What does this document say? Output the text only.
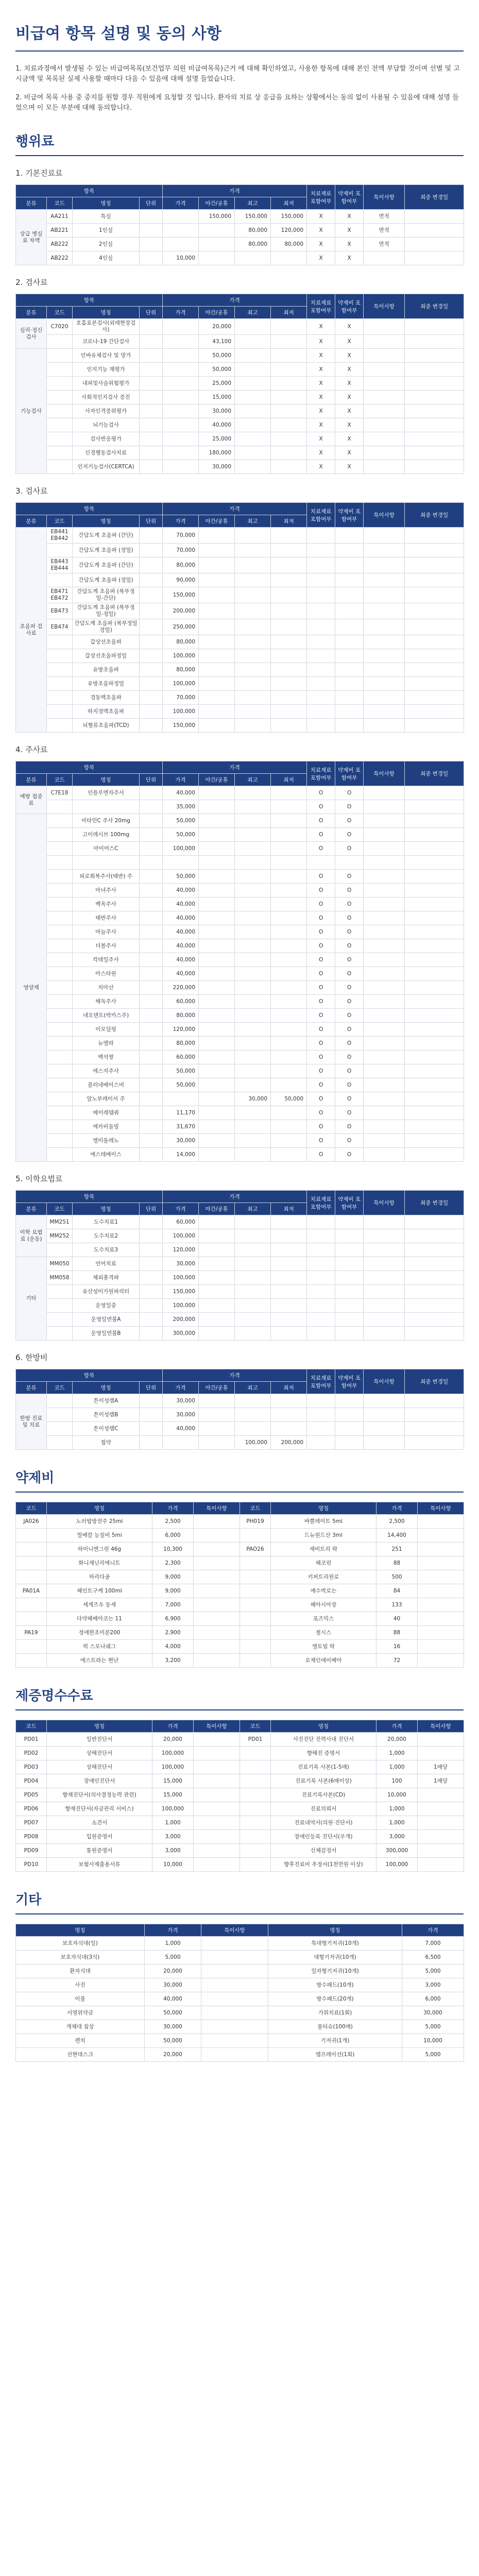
비급여 항목 설명 및 동의 사항

1. 치료과정에서 발생될 수 있는 비급여목록(보건업무 의원 비급여목록)근거 에 대해 확인하였고, 사용한 항목에 대해 본인 전액 부담할 것이며 선별 및 고시금액 및 목록된 실제 사용할 때마다 다음 수 있음에 대해 설명 들었습니다.

2. 비급여 목록 사용 중 중지를 원할 경우 직원에게 요청할 것 입니다. 환자의 치료 상 응급을 요하는 상황에서는 동의 없이 사용될 수 있음에 대해 설명 들었으며 이 모든 부분에 대해 동의합니다.

행위료
1. 기본진료료
항목				가격				치료재료 포함여부	약제비 포함여부	특이사항	최종 변경일
분류	코드	명칭	단위	가격	야간/공휴	최고	최저				
상급 병실료 차액	AA211	특실			150,000	150,000	150,000	X	X	면적	
	AB221	1인실				80,000	120,000	X	X	면적	
	AB222	2인실				80,000	80,000	X	X	면적	
	AB222	4인실		10,000				X	X		
2. 검사료
항목				가격				치료재료 포함여부	약제비 포함여부	특이사항	최종 변경일
분류	코드	명칭	단위	가격	야간/공휴	최고	최저				
심리·정신 검사	C7020	호흡표본검사(외래현장검사)			20,000			X	X		
		코로나-19 간단검사			43,100			X	X		
기능검사		인바유체검사 및 망가			50,000			X	X		
		인지기능 재평가			50,000			X	X		
		내피및사슬위험평가			25,000			X	X		
		사회적인지검사 증진			15,000			X	X		
		사자인격증위평가			30,000			X	X		
		뇌기능검사			40,000			X	X		
		검사반응평가			25,000			X	X		
		신경행동검사치료			180,000			X	X		
		인지기능검사(CERTCA)			30,000			X	X		
3. 검사료
항목				가격				치료재료 포함여부	약제비 포함여부	특이사항	최종 변경일
분류	코드	명칭	단위	가격	야간/공휴	최고	최저				
초음파 검사료	EB441 EB442	간담도계 초음파 (간단)		70,000							
		간담도계 초음파 (정밀)		70,000							
	EB443 EB444	간담도계 초음파 (간단)		80,000							
		간담도계 초음파 (정밀)		90,000							
	EB471 EB472	간담도계 초음파 (복부정밀-간단)		150,000							
	EB473	간담도계 초음파 (복부정밀-정밀)		200,000							
	EB474	간담도계 초음파 (복부정밀정밀)		250,000							
		갑상선초음파		80,000							
		갑상선초음파정밀		100,000							
		유방초음파		80,000							
		유방초음파정밀		100,000							
		경동맥초음파		70,000							
		하지정맥초음파		100,000							
		뇌혈류초음파(TCD)		150,000							
4. 주사료
항목				가격				치료재료 포함여부	약제비 포함여부	특이사항	최종 변경일
분류	코드	명칭	단위	가격	야간/공휴	최고	최저				
예방 접종료	C7E18	인플루엔자주사		40,000				O	O		
				35,000				O	O		
영양제		비타민C 주사 20mg		50,000				O	O		
		고이레시브 100mg		50,000				O	O		
		마이어스C		100,000				O	O		

		피로회복주사(태반) 주		50,000				O	O		
		마녀주사		40,000				O	O		
		백옥주사		40,000				O	O		
		태반주사		40,000				O	O		
		마늘주사		40,000				O	O		
		더블주사		40,000				O	O		
		칵테일주사		40,000				O	O		
		아스타원		40,000				O	O		
		치아산		220,000				O	O		
		해독주사		60,000				O	O		
		네오덴트(박카스주)		80,000				O	O		
		이모딜링		120,000				O	O		
		뉴엘라		80,000				O	O		
		백석쌍		60,000				O	O		
		에스지주사		50,000				O	O		
		콜러네베이스비		50,000				O	O		
		알노부레이서 주				30,000	50,000	O	O		
		메이레템쿼		11,170				O	O		
		에카비둘빌		31,670				O	O		
		엘미돌레노		30,000				O	O		
		에스테베이스		14,000				O	O		
5. 이학요법료
항목				가격				치료재료 포함여부	약제비 포함여부	특이사항	최종 변경일
분류	코드	명칭	단위	가격	야간/공휴	최고	최저				
이학 요법료 (운동)	MM251	도수치료1		60,000							
	MM252	도수치료2		100,000							
		도수치료3		120,000							
기타	MM050	언어치료		30,000							
	MM058	체외충격파		100,000							
		유산성이가원파리터		150,000							
		운영일중		100,000							
		운영일연불A		200,000							
		운영일연불B		300,000							
6. 한방비
항목				가격				치료재료 포함여부	약제비 포함여부	특이사항	최종 변경일
분류	코드	명칭	단위	가격	야간/공휴	최고	최저				
한방 진료 및 치료		튼이성렘A		30,000							
		튼이성렘B		30,000							
		튼이성렘C		40,000							
		첩약				100,000	200,000				
약제비
코드	명칭	가격	특이사항	코드	명칭	가격	특이사항
JA026	노러법방전주 25mi	2,500		PH019	바쁠레이트 5mi	2,500	
	멀베칼 능칠비 5mi	6,000			드뉴원드산 3ml	14,400	
	하이니엔그린 46g	10,300		PAO26	세비트리 락	251	
	화니채닌리에니트	2,300			헤코린	88	
	하리다골	9,000			키퍼트리원로	500	
PA01A	헤인트구케 100ml	9,000			예수벅로는	84	
	세게즈우 동세	7,000			헤아시아장	133	
	다약헤베아코는 11	6,900			포즈믹스	40	
PA19	정애한초미분200	2,900			철시스	88	
	퍽 스모나쉐그	4,000			엘토빔 락	16	
	에스트라는 현난	3,200			로제인애이베아	72	
제증명수수료
코드	명칭	가격	특이사항	코드	명칭	가격	특이사항
PD01	일반진단서	20,000		PD01	사진진단 진력사내 진단서	20,000	
PD02	상해진단서	100,000			향해진 증명서	1,000	
PD03	상해진단서	100,000			진료기록 사본(1-5매)	1,000	1매당
PD04	장애인진단서	15,000			진료기록 사본(6매이상)	100	1매당
PD05	향재진단서(의사결정능력 관련)	15,000			진료기록사본(CD)	10,000	
PD06	향재진단서(자금관리 서비스)	100,000			진료의뢰서	1,000	
PD07	소견서	1,000			진료내역서(의원·진단서)	1,000	
PD08	입원증명서	3,000			장애인등록 진단서(우개)	3,000	
PD09	통원증명서	3,000			신체감정서	300,000	
PD10	보험사제출용서류	10,000			향후진료비 추정서(1천만원 이상)	100,000	
기타
명칭	가격	특이사항	명칭	가격
보호자식대(일)	1,000		특대형기저귀(10개)	7,000
보호자식대(3식)	5,000		대형기저귀(10개)	6,500
환자식대	20,000		일자형기저귀(10개)	5,000
사진	30,000		방수패드(10개)	3,000
이불	40,000		방수패드(20개)	6,000
서명위약금	50,000		가위치료(1회)	30,000
개체대 침상	30,000		물티슈(100매)	5,000
렌치	50,000		기저귀(1개)	10,000
선현데스크	20,000		엠프레이션(1회)	5,000
